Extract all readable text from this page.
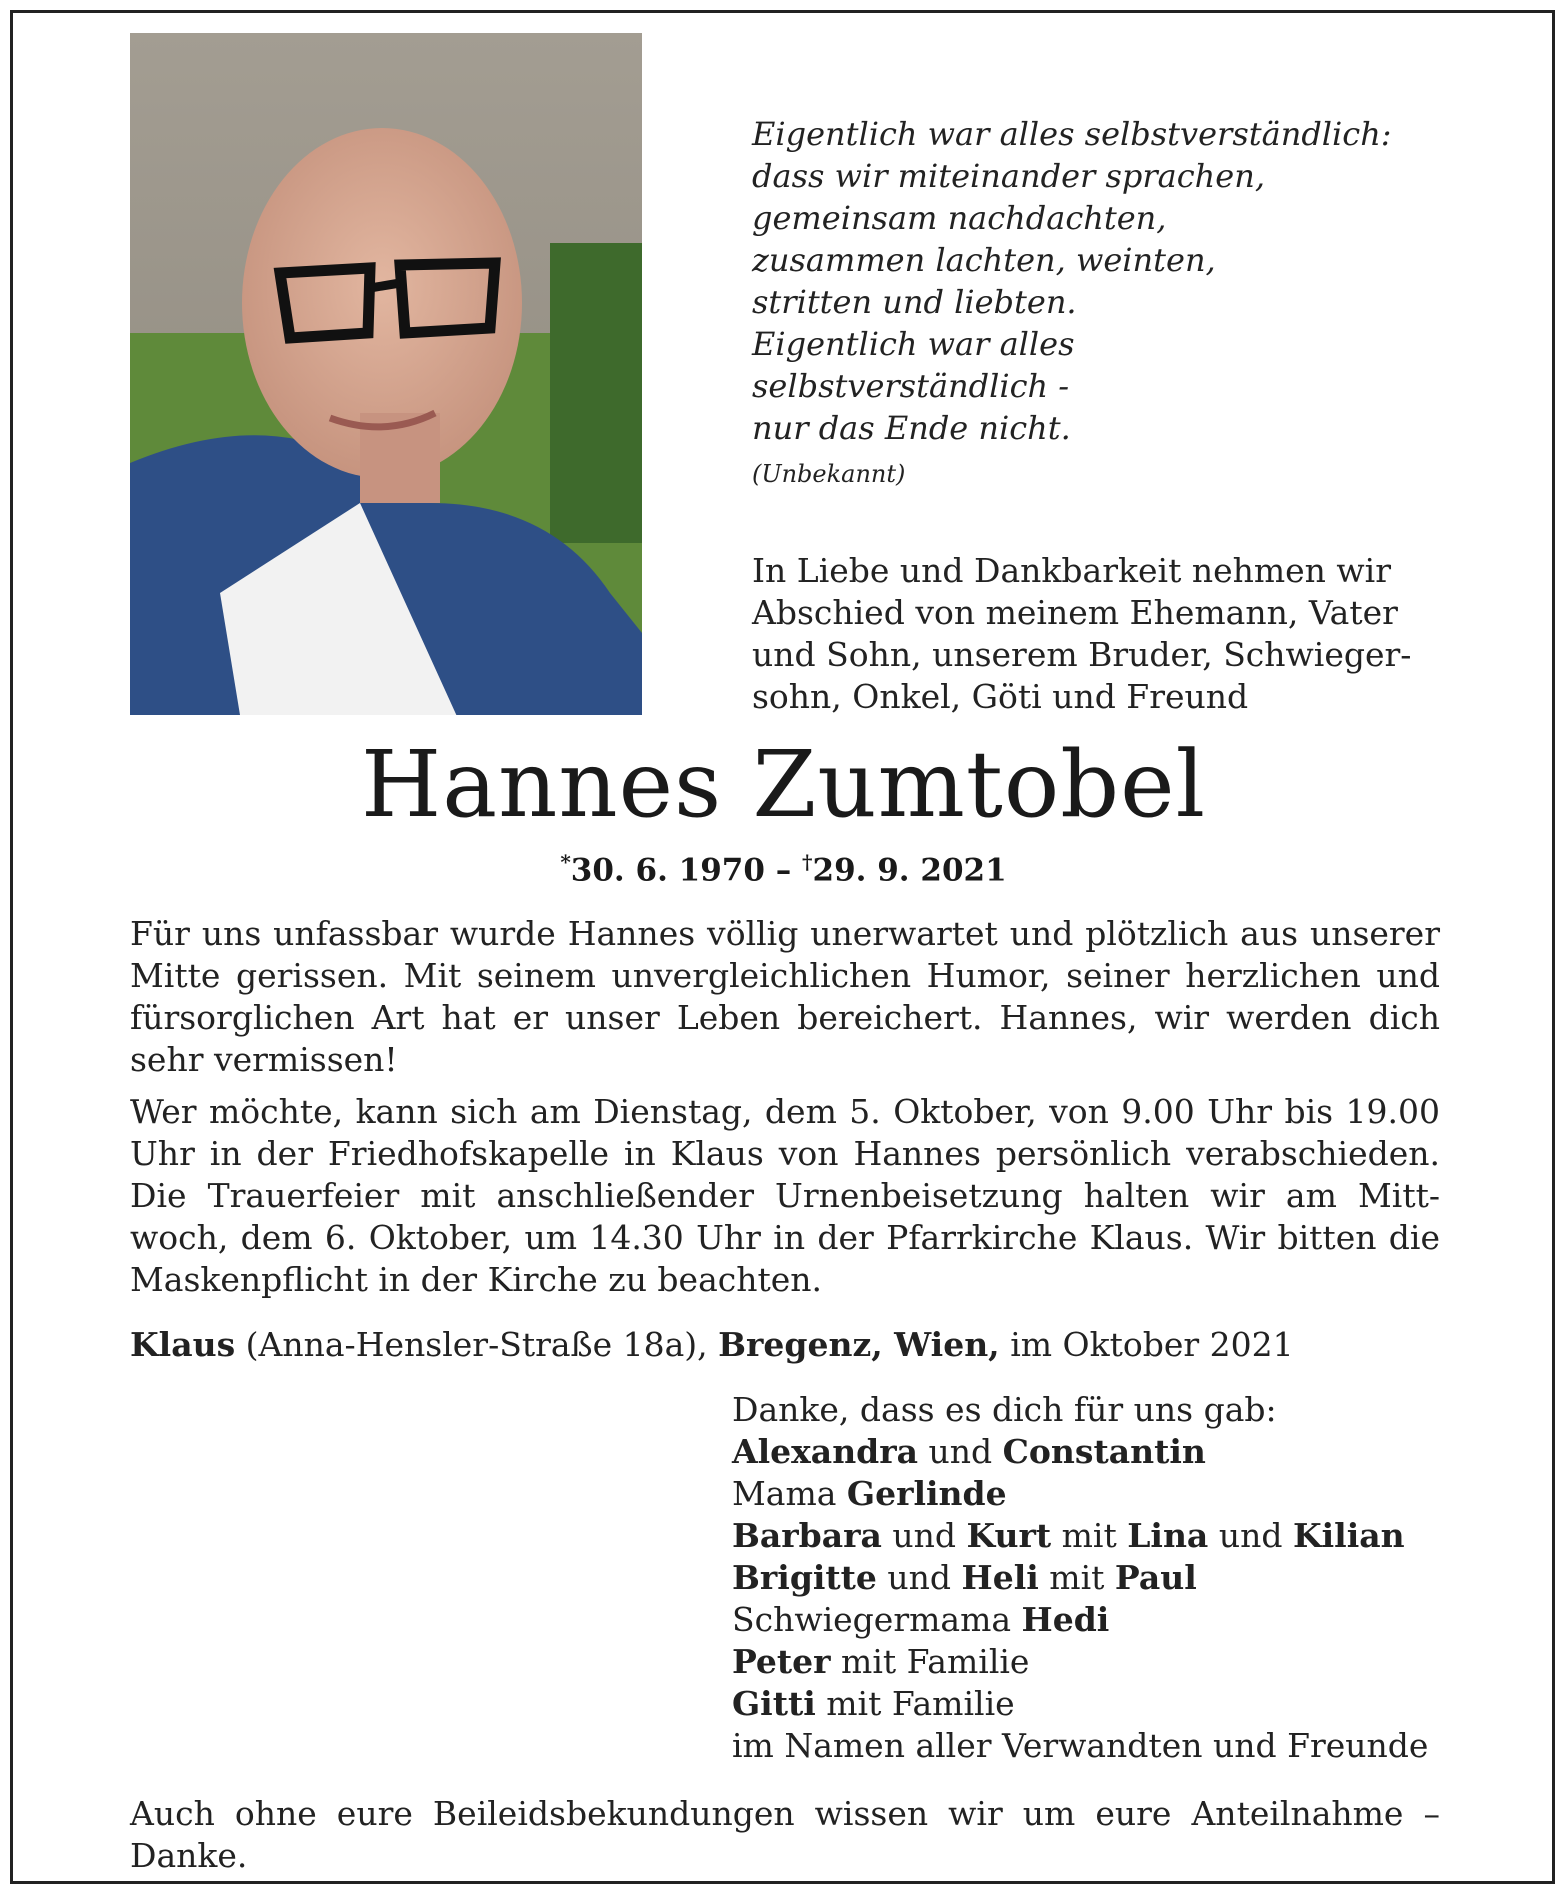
Eigentlich war alles selbstverständlich:
dass wir miteinander sprachen,
gemeinsam nachdachten,
zusammen lachten, weinten,
stritten und liebten.
Eigentlich war alles
selbstverständlich -
nur das Ende nicht.
(Unbekannt)
In Liebe und Dankbarkeit nehmen wir
Abschied von meinem Ehemann, Vater
und Sohn, unserem Bruder, Schwieger-
sohn, Onkel, Göti und Freund
Hannes Zumtobel
*30. 6. 1970 – †29. 9. 2021
Für uns unfassbar wurde Hannes völlig unerwartet und plötzlich aus unserer
Mitte gerissen. Mit seinem unvergleichlichen Humor, seiner herzlichen und
fürsorglichen Art hat er unser Leben bereichert. Hannes, wir werden dich
sehr vermissen!
Wer möchte, kann sich am Dienstag, dem 5. Oktober, von 9.00 Uhr bis 19.00
Uhr in der Friedhofskapelle in Klaus von Hannes persönlich verabschieden.
Die Trauerfeier mit anschließender Urnenbeisetzung halten wir am Mitt-
woch, dem 6. Oktober, um 14.30 Uhr in der Pfarrkirche Klaus. Wir bitten die
Maskenpflicht in der Kirche zu beachten.
Klaus (Anna-Hensler-Straße 18a), Bregenz, Wien, im Oktober 2021
Danke, dass es dich für uns gab:
Alexandra und Constantin
Mama Gerlinde
Barbara und Kurt mit Lina und Kilian
Brigitte und Heli mit Paul
Schwiegermama Hedi
Peter mit Familie
Gitti mit Familie
im Namen aller Verwandten und Freunde
Auch ohne eure Beileidsbekundungen wissen wir um eure Anteilnahme –
Danke.
